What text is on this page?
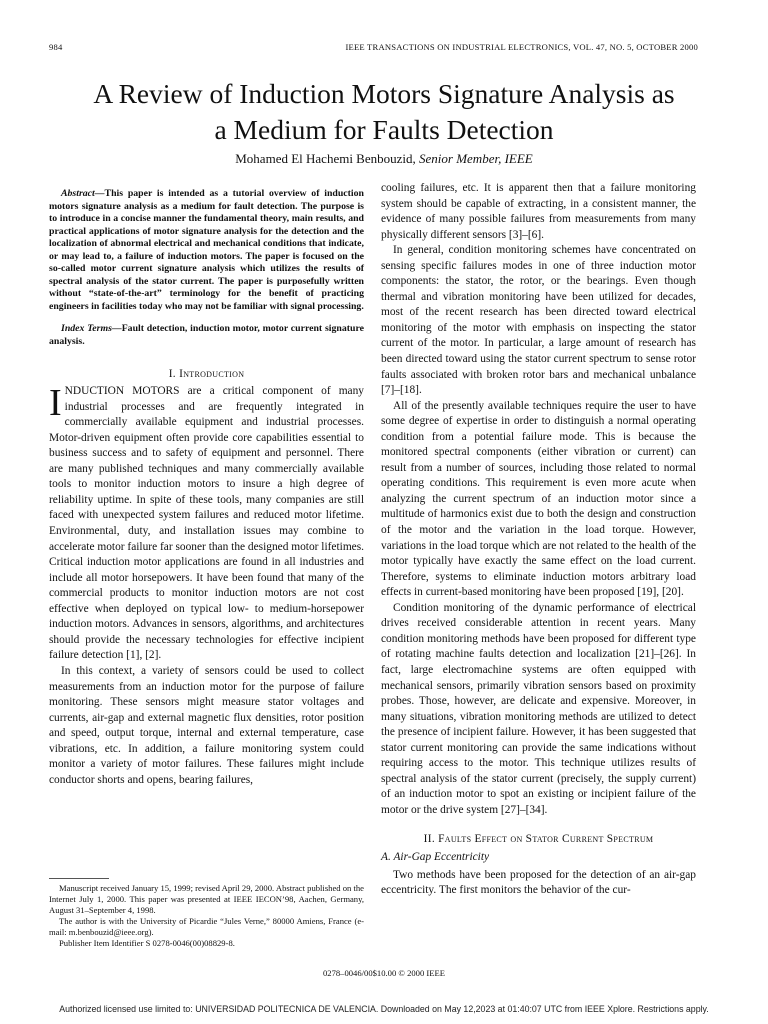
984	IEEE TRANSACTIONS ON INDUSTRIAL ELECTRONICS, VOL. 47, NO. 5, OCTOBER 2000
A Review of Induction Motors Signature Analysis as
a Medium for Faults Detection
Mohamed El Hachemi Benbouzid, Senior Member, IEEE
Abstract—This paper is intended as a tutorial overview of induction motors signature analysis as a medium for fault detection. The purpose is to introduce in a concise manner the fundamental theory, main results, and practical applications of motor signature analysis for the detection and the localization of abnormal electrical and mechanical conditions that indicate, or may lead to, a failure of induction motors. The paper is focused on the so-called motor current signature analysis which utilizes the results of spectral analysis of the stator current. The paper is purposefully written without “state-of-the-art” terminology for the benefit of practicing engineers in facilities today who may not be familiar with signal processing.
Index Terms—Fault detection, induction motor, motor current signature analysis.
I. Introduction

INDUCTION MOTORS are a critical component of many industrial processes and are frequently integrated in commercially available equipment and industrial processes. Motor-driven equipment often provide core capabilities essential to business success and to safety of equipment and personnel. There are many published techniques and many commercially available tools to monitor induction motors to insure a high degree of reliability uptime. In spite of these tools, many companies are still faced with unexpected system failures and reduced motor lifetime. Environmental, duty, and installation issues may combine to accelerate motor failure far sooner than the designed motor lifetimes. Critical induction motor applications are found in all industries and include all motor horsepowers. It have been found that many of the commercial products to monitor induction motors are not cost effective when deployed on typical low- to medium-horsepower induction motors. Advances in sensors, algorithms, and architectures should provide the necessary technologies for effective incipient failure detection [1], [2].

In this context, a variety of sensors could be used to collect measurements from an induction motor for the purpose of failure monitoring. These sensors might measure stator voltages and currents, air-gap and external magnetic flux densities, rotor position and speed, output torque, internal and external temperature, case vibrations, etc. In addition, a failure monitoring system could monitor a variety of motor failures. These failures might include conductor shorts and opens, bearing failures,

Manuscript received January 15, 1999; revised April 29, 2000. Abstract published on the Internet July 1, 2000. This paper was presented at IEEE IECON’98, Aachen, Germany, August 31–September 4, 1998.

The author is with the University of Picardie “Jules Verne,” 80000 Amiens, France (e-mail: m.benbouzid@ieee.org).

Publisher Item Identifier S 0278-0046(00)08829-8.

cooling failures, etc. It is apparent then that a failure monitoring system should be capable of extracting, in a consistent manner, the evidence of many possible failures from measurements from many physically different sensors [3]–[6].

In general, condition monitoring schemes have concentrated on sensing specific failures modes in one of three induction motor components: the stator, the rotor, or the bearings. Even though thermal and vibration monitoring have been utilized for decades, most of the recent research has been directed toward electrical monitoring of the motor with emphasis on inspecting the stator current of the motor. In particular, a large amount of research has been directed toward using the stator current spectrum to sense rotor faults associated with broken rotor bars and mechanical unbalance [7]–[18].

All of the presently available techniques require the user to have some degree of expertise in order to distinguish a normal operating condition from a potential failure mode. This is because the monitored spectral components (either vibration or current) can result from a number of sources, including those related to normal operating conditions. This requirement is even more acute when analyzing the current spectrum of an induction motor since a multitude of harmonics exist due to both the design and construction of the motor and the variation in the load torque. However, variations in the load torque which are not related to the health of the motor typically have exactly the same effect on the load current. Therefore, systems to eliminate induction motors arbitrary load effects in current-based monitoring have been proposed [19], [20].

Condition monitoring of the dynamic performance of electrical drives received considerable attention in recent years. Many condition monitoring methods have been proposed for different type of rotating machine faults detection and localization [21]–[26]. In fact, large electromachine systems are often equipped with mechanical sensors, primarily vibration sensors based on proximity probes. Those, however, are delicate and expensive. Moreover, in many situations, vibration monitoring methods are utilized to detect the presence of incipient failure. However, it has been suggested that stator current monitoring can provide the same indications without requiring access to the motor. This technique utilizes results of spectral analysis of the stator current (precisely, the supply current) of an induction motor to spot an existing or incipient failure of the motor or the drive system [27]–[34].

II. Faults Effect on Stator Current Spectrum
A. Air-Gap Eccentricity

Two methods have been proposed for the detection of an air-gap eccentricity. The first monitors the behavior of the cur-

0278–0046/00$10.00 © 2000 IEEE
Authorized licensed use limited to: UNIVERSIDAD POLITECNICA DE VALENCIA. Downloaded on May 12,2023 at 01:40:07 UTC from IEEE Xplore. Restrictions apply.
